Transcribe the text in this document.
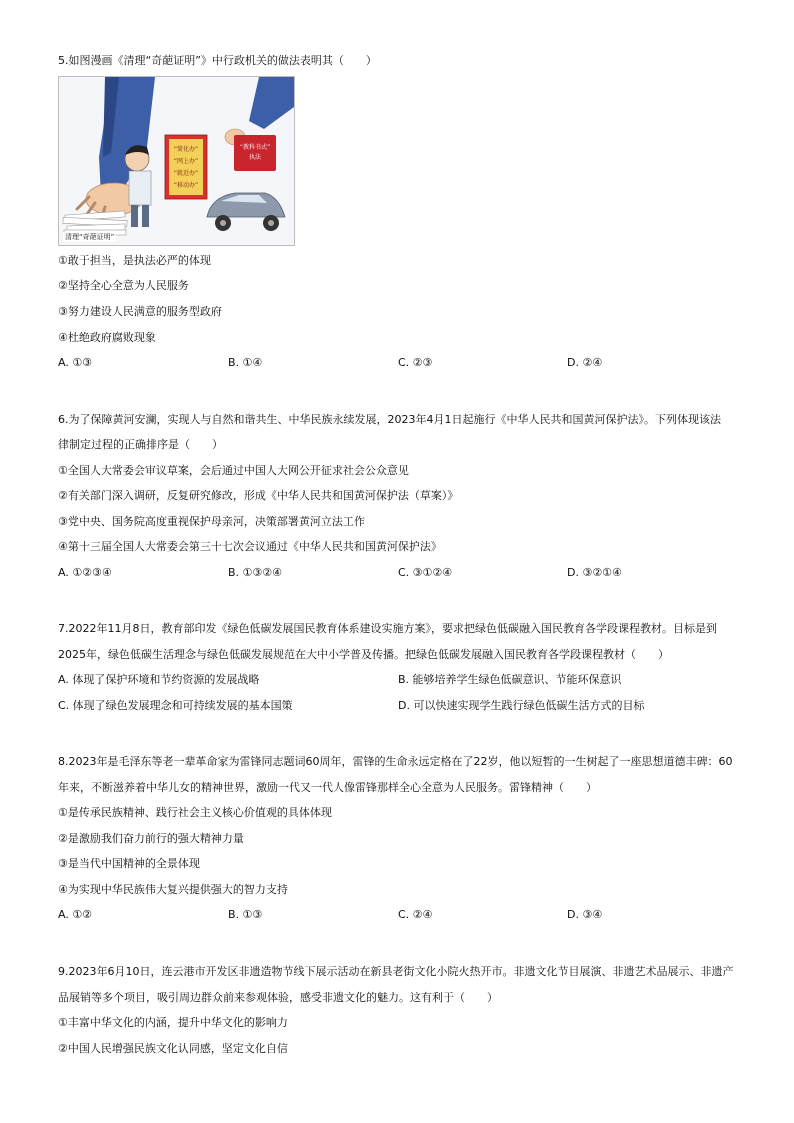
5.如图漫画《清理“奇葩证明”》中行政机关的做法表明其（　　）
“教科书式”
执法
“简化办”
“网上办”
“就近办”
“移动办”
清理“奇葩证明”
①敢于担当，是执法必严的体现
②坚持全心全意为人民服务
③努力建设人民满意的服务型政府
④杜绝政府腐败现象
A. ①③	B. ①④	C. ②③	D. ②④
6.为了保障黄河安澜，实现人与自然和谐共生、中华民族永续发展，2023年4月1日起施行《中华人民共和国黄河保护法》。下列体现该法
律制定过程的正确排序是（　　）
①全国人大常委会审议草案，会后通过中国人大网公开征求社会公众意见
②有关部门深入调研，反复研究修改，形成《中华人民共和国黄河保护法（草案）》
③党中央、国务院高度重视保护母亲河，决策部署黄河立法工作
④第十三届全国人大常委会第三十七次会议通过《中华人民共和国黄河保护法》
A. ①②③④	B. ①③②④	C. ③①②④	D. ③②①④
7.2022年11月8日，教育部印发《绿色低碳发展国民教育体系建设实施方案》，要求把绿色低碳融入国民教育各学段课程教材。目标是到
2025年，绿色低碳生活理念与绿色低碳发展规范在大中小学普及传播。把绿色低碳发展融入国民教育各学段课程教材（　　）
A. 体现了保护环境和节约资源的发展战略	B. 能够培养学生绿色低碳意识、节能环保意识
C. 体现了绿色发展理念和可持续发展的基本国策	D. 可以快速实现学生践行绿色低碳生活方式的目标
8.2023年是毛泽东等老一辈革命家为雷锋同志题词60周年，雷锋的生命永远定格在了22岁，他以短暂的一生树起了一座思想道德丰碑：60
年来，不断滋养着中华儿女的精神世界，激励一代又一代人像雷锋那样全心全意为人民服务。雷锋精神（　　）
①是传承民族精神、践行社会主义核心价值观的具体体现
②是激励我们奋力前行的强大精神力量
③是当代中国精神的全景体现
④为实现中华民族伟大复兴提供强大的智力支持
A. ①②	B. ①③	C. ②④	D. ③④
9.2023年6月10日，连云港市开发区非遗造物节线下展示活动在新县老街文化小院火热开市。非遗文化节目展演、非遗艺术品展示、非遗产
品展销等多个项目，吸引周边群众前来参观体验，感受非遗文化的魅力。这有利于（　　）
①丰富中华文化的内涵，提升中华文化的影响力
②中国人民增强民族文化认同感，坚定文化自信
